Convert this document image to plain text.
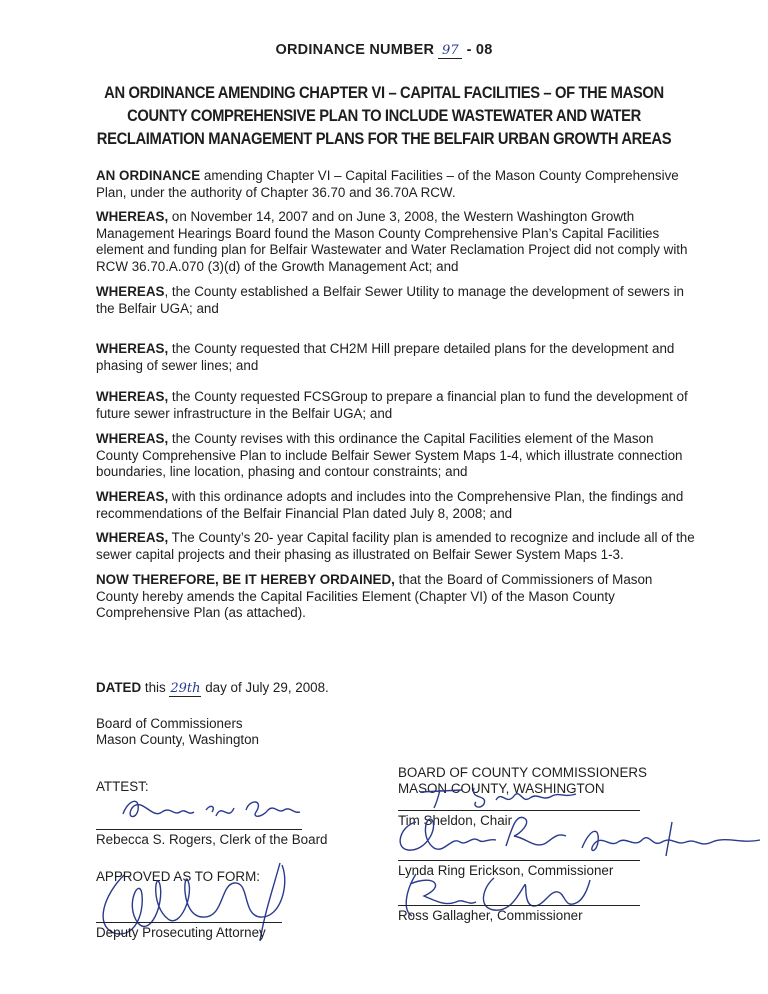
ORDINANCE NUMBER 97 - 08
AN ORDINANCE AMENDING CHAPTER VI – CAPITAL FACILITIES – OF THE MASON COUNTY COMPREHENSIVE PLAN TO INCLUDE WASTEWATER AND WATER RECLAIMATION MANAGEMENT PLANS FOR THE BELFAIR URBAN GROWTH AREAS
AN ORDINANCE amending Chapter VI – Capital Facilities – of the Mason County Comprehensive Plan, under the authority of Chapter 36.70 and 36.70A RCW.
WHEREAS, on November 14, 2007 and on June 3, 2008, the Western Washington Growth Management Hearings Board found the Mason County Comprehensive Plan’s Capital Facilities element and funding plan for Belfair Wastewater and Water Reclamation Project did not comply with RCW 36.70.A.070 (3)(d) of the Growth Management Act; and
WHEREAS, the County established a Belfair Sewer Utility to manage the development of sewers in the Belfair UGA; and
WHEREAS, the County requested that CH2M Hill prepare detailed plans for the development and phasing of sewer lines; and
WHEREAS, the County requested FCSGroup to prepare a financial plan to fund the development of future sewer infrastructure in the Belfair UGA; and
WHEREAS, the County revises with this ordinance the Capital Facilities element of the Mason County Comprehensive Plan to include Belfair Sewer System Maps 1-4, which illustrate connection boundaries, line location, phasing and contour constraints; and
WHEREAS, with this ordinance adopts and includes into the Comprehensive Plan, the findings and recommendations of the Belfair Financial Plan dated July 8, 2008; and
WHEREAS, The County’s 20- year Capital facility plan is amended to recognize and include all of the sewer capital projects and their phasing as illustrated on Belfair Sewer System Maps 1-3.
NOW THEREFORE, BE IT HEREBY ORDAINED, that the Board of Commissioners of Mason County hereby amends the Capital Facilities Element (Chapter VI) of the Mason County Comprehensive Plan (as attached).
DATED this 29th day of July 29, 2008.
Board of Commissioners
Mason County, Washington
ATTEST:
Rebecca S. Rogers, Clerk of the Board
APPROVED AS TO FORM:
Deputy Prosecuting Attorney
BOARD OF COUNTY COMMISSIONERS
MASON COUNTY, WASHINGTON
Tim Sheldon, Chair
Lynda Ring Erickson, Commissioner
Ross Gallagher, Commissioner
